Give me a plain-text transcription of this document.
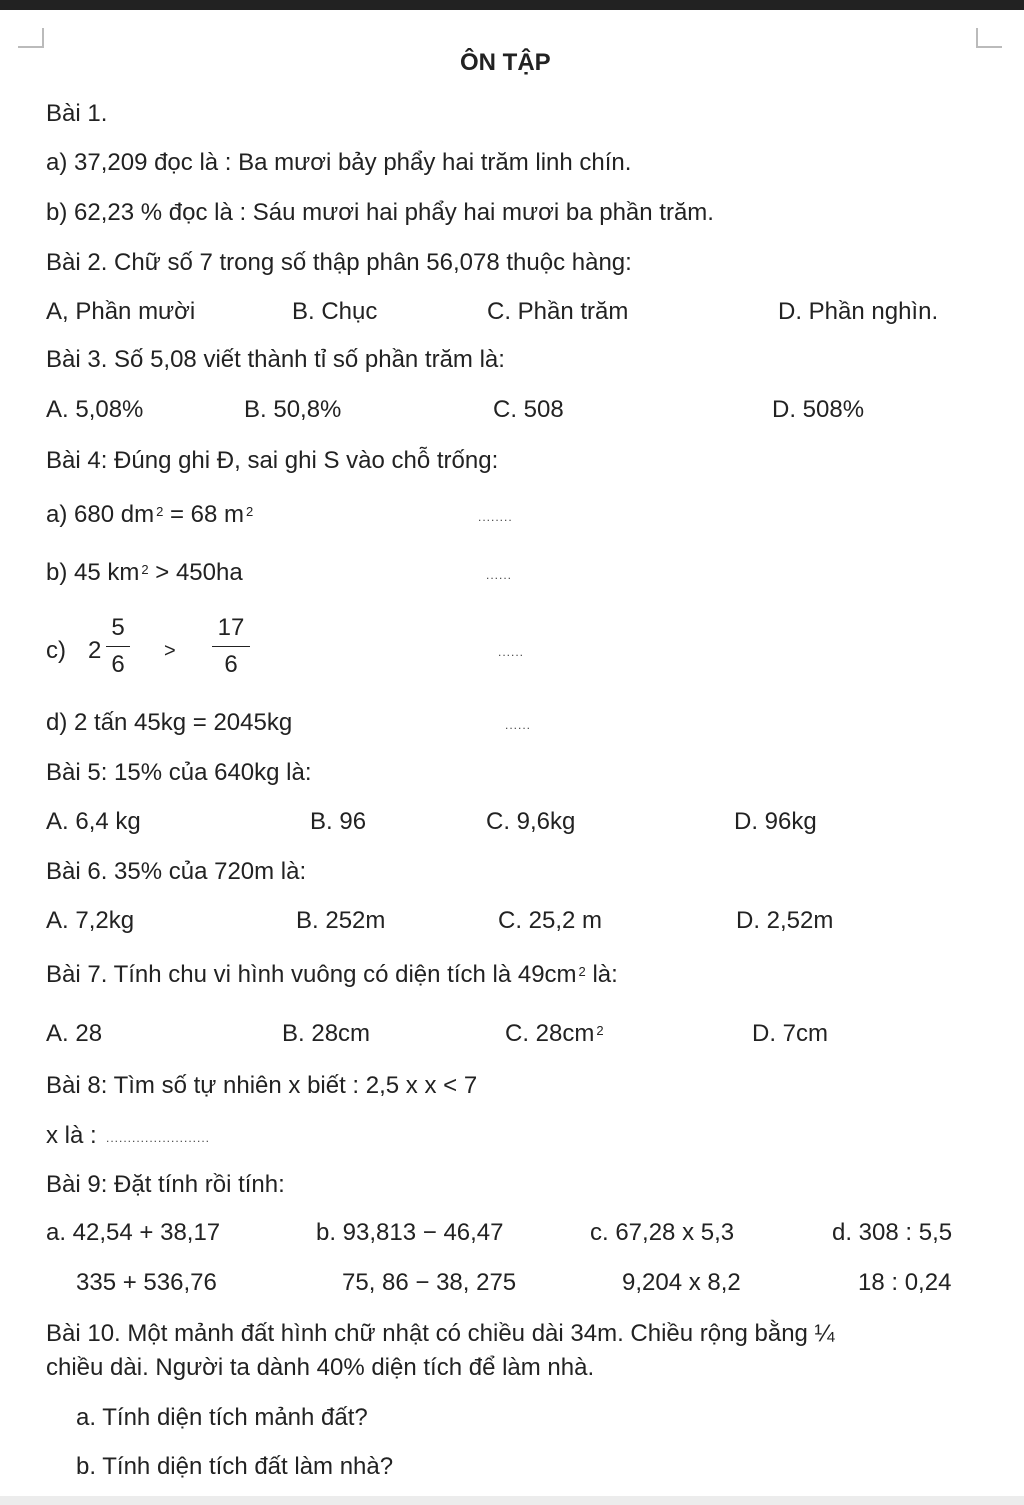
ÔN TẬP
Bài 1.
a) 37,209 đọc là : Ba mươi bảy phẩy hai trăm linh chín.
b) 62,23 % đọc là : Sáu mươi hai phẩy hai mươi ba phần trăm.
Bài 2. Chữ số 7 trong số thập phân 56,078 thuộc hàng:
A, Phần mười	B. Chục	C. Phần trăm	D. Phần nghìn.
Bài 3. Số 5,08 viết thành tỉ số phần trăm là:
A. 5,08%	B. 50,8%	C. 508	D. 508%
Bài 4: Đúng ghi Đ, sai ghi S vào chỗ trống:
a) 680 dm $^2$ = 68 m $^2$	........
b) 45 km $^2$ > 450ha	......
c) 2
5
6 >
17
6	......
d) 2 tấn 45kg = 2045kg	......
Bài 5: 15% của 640kg là:
A. 6,4 kg	B. 96	C. 9,6kg	D. 96kg
Bài 6. 35% của 720m là:
A. 7,2kg	B. 252m	C. 25,2 m	D. 2,52m
Bài 7. Tính chu vi hình vuông có diện tích là 49cm $^2$ là:
A. 28	B. 28cm	C. 28cm $^2$	D. 7cm
Bài 8: Tìm số tự nhiên x biết : 2,5 x x < 7
x là : ........................
Bài 9: Đặt tính rồi tính:
a. 42,54 + 38,17	b. 93,813 − 46,47	c. 67,28 x 5,3	d. 308 : 5,5
335 + 536,76	75, 86 − 38, 275	9,204 x 8,2	18 : 0,24
Bài 10. Một mảnh đất hình chữ nhật có chiều dài 34m. Chiều rộng bằng ¼
chiều dài. Người ta dành 40% diện tích để làm nhà.
a. Tính diện tích mảnh đất?
b. Tính diện tích đất làm nhà?
